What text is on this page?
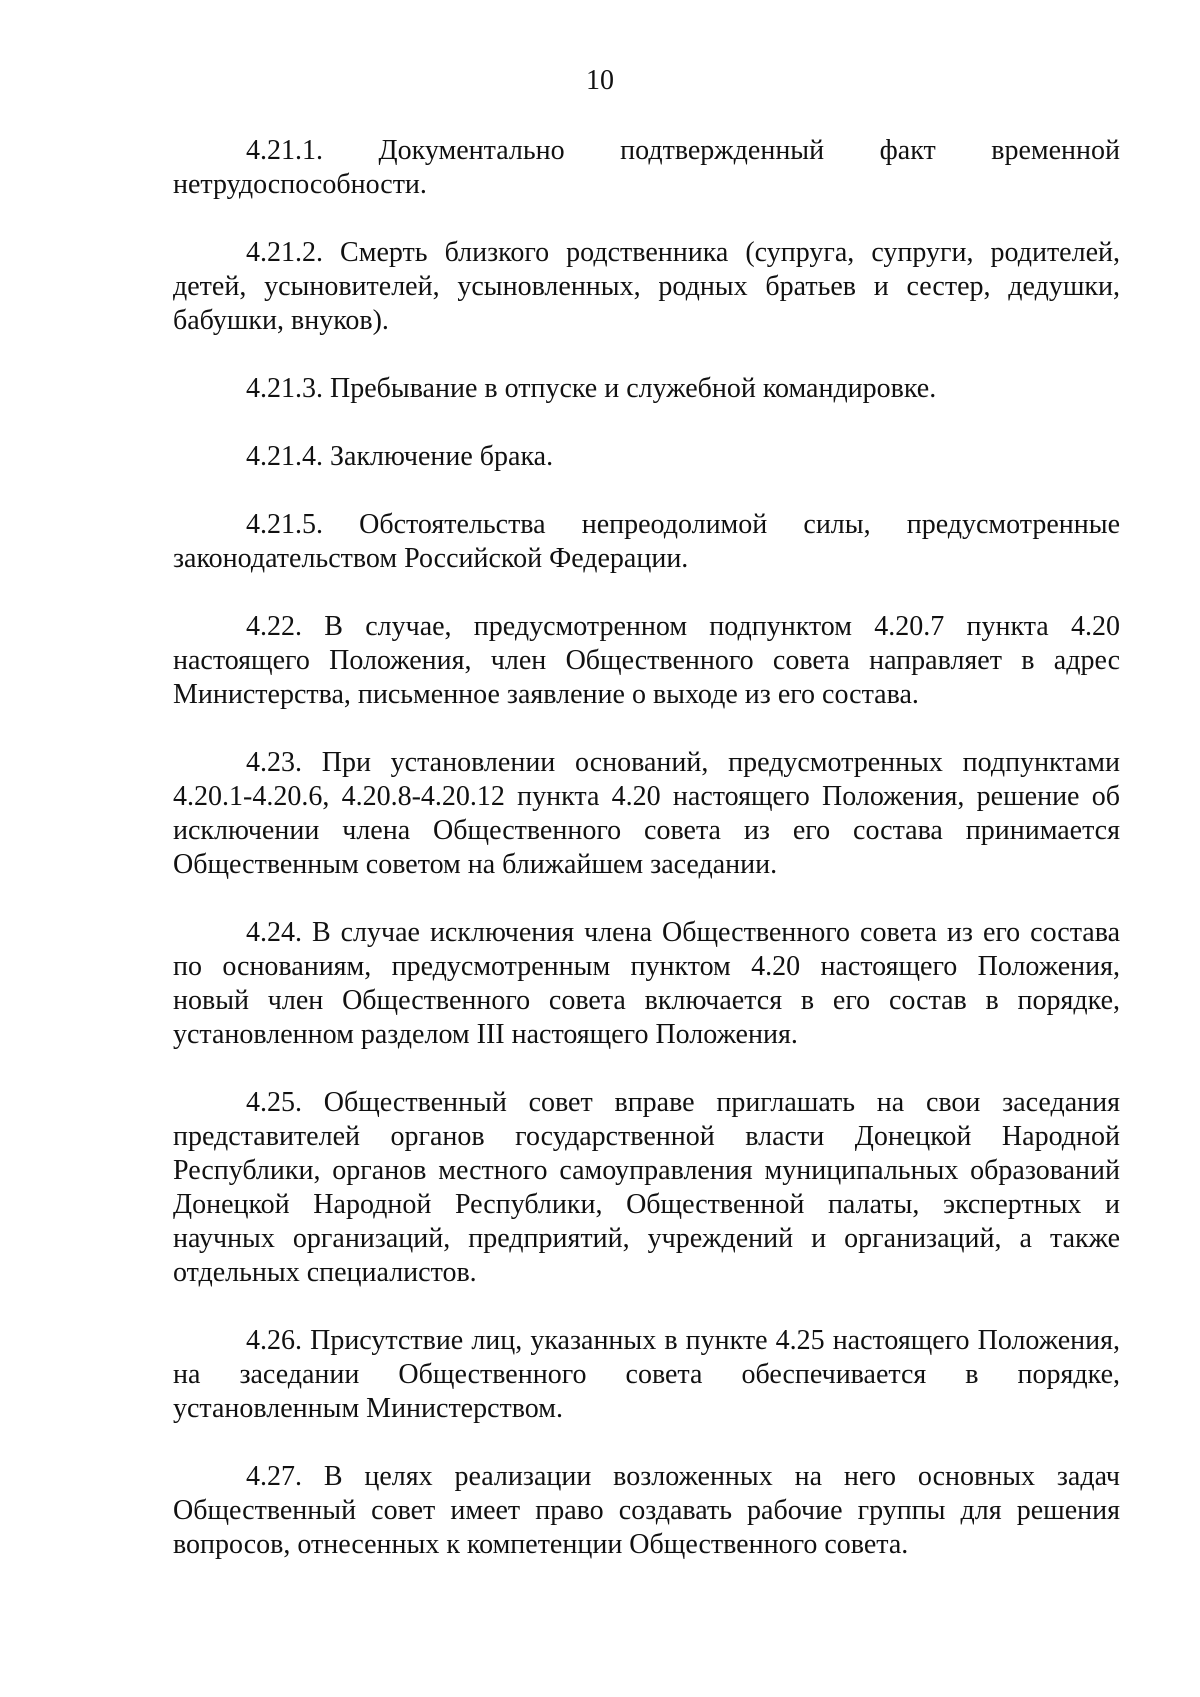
10

4.21.1. Документально подтвержденный факт временной нетрудоспособности.

4.21.2. Смерть близкого родственника (супруга, супруги, родителей, детей, усыновителей, усыновленных, родных братьев и сестер, дедушки, бабушки, внуков).

4.21.3. Пребывание в отпуске и служебной командировке.

4.21.4. Заключение брака.

4.21.5. Обстоятельства непреодолимой силы, предусмотренные законодательством Российской Федерации.

4.22. В случае, предусмотренном подпунктом 4.20.7 пункта 4.20 настоящего Положения, член Общественного совета направляет в адрес Министерства, письменное заявление о выходе из его состава.

4.23. При установлении оснований, предусмотренных подпунктами 4.20.1-4.20.6, 4.20.8-4.20.12 пункта 4.20 настоящего Положения, решение об исключении члена Общественного совета из его состава принимается Общественным советом на ближайшем заседании.

4.24. В случае исключения члена Общественного совета из его состава по основаниям, предусмотренным пунктом 4.20 настоящего Положения, новый член Общественного совета включается в его состав в порядке, установленном разделом III настоящего Положения.

4.25. Общественный совет вправе приглашать на свои заседания представителей органов государственной власти Донецкой Народной Республики, органов местного самоуправления муниципальных образований Донецкой Народной Республики, Общественной палаты, экспертных и научных организаций, предприятий, учреждений и организаций, а также отдельных специалистов.

4.26. Присутствие лиц, указанных в пункте 4.25 настоящего Положения, на заседании Общественного совета обеспечивается в порядке, установленным Министерством.

4.27. В целях реализации возложенных на него основных задач Общественный совет имеет право создавать рабочие группы для решения вопросов, отнесенных к компетенции Общественного совета.
